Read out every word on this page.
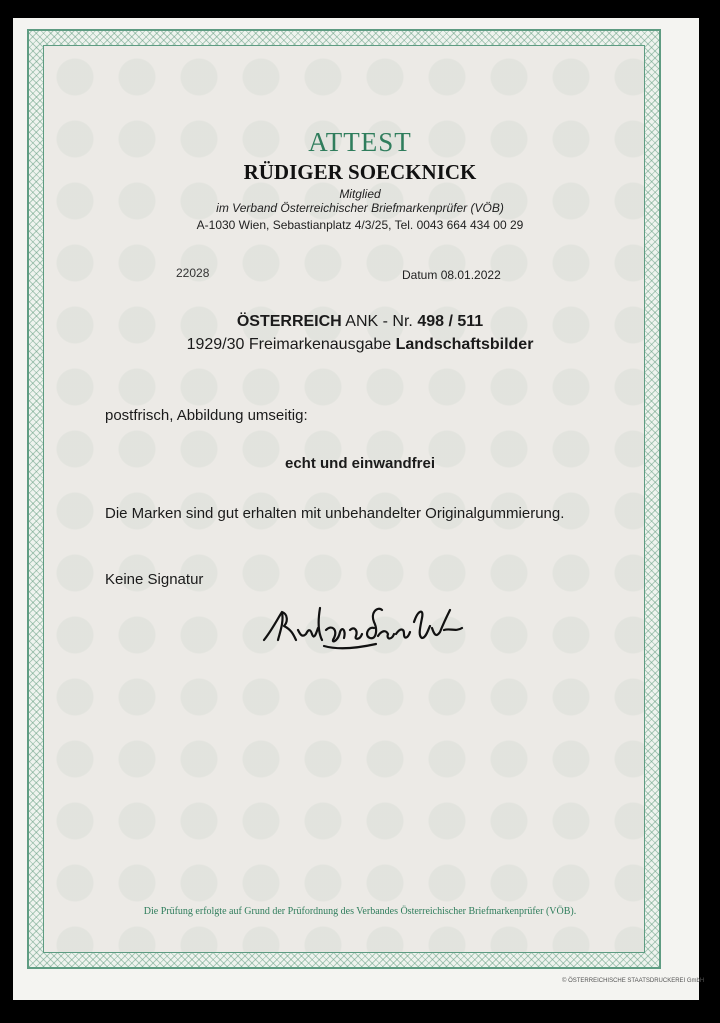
ATTEST
RÜDIGER SOECKNICK
Mitglied
im Verband Österreichischer Briefmarkenprüfer (VÖB)
A-1030 Wien, Sebastianplatz 4/3/25, Tel. 0043 664 434 00 29
22028	Datum 08.01.2022
ÖSTERREICH ANK - Nr. 498 / 511
1929/30 Freimarkenausgabe Landschaftsbilder
postfrisch, Abbildung umseitig:
echt und einwandfrei
Die Marken sind gut erhalten mit unbehandelter Originalgummierung.
Keine Signatur
Die Prüfung erfolgte auf Grund der Prüfordnung des Verbandes Österreichischer Briefmarkenprüfer (VÖB).
© ÖSTERREICHISCHE STAATSDRUCKEREI GmbH
